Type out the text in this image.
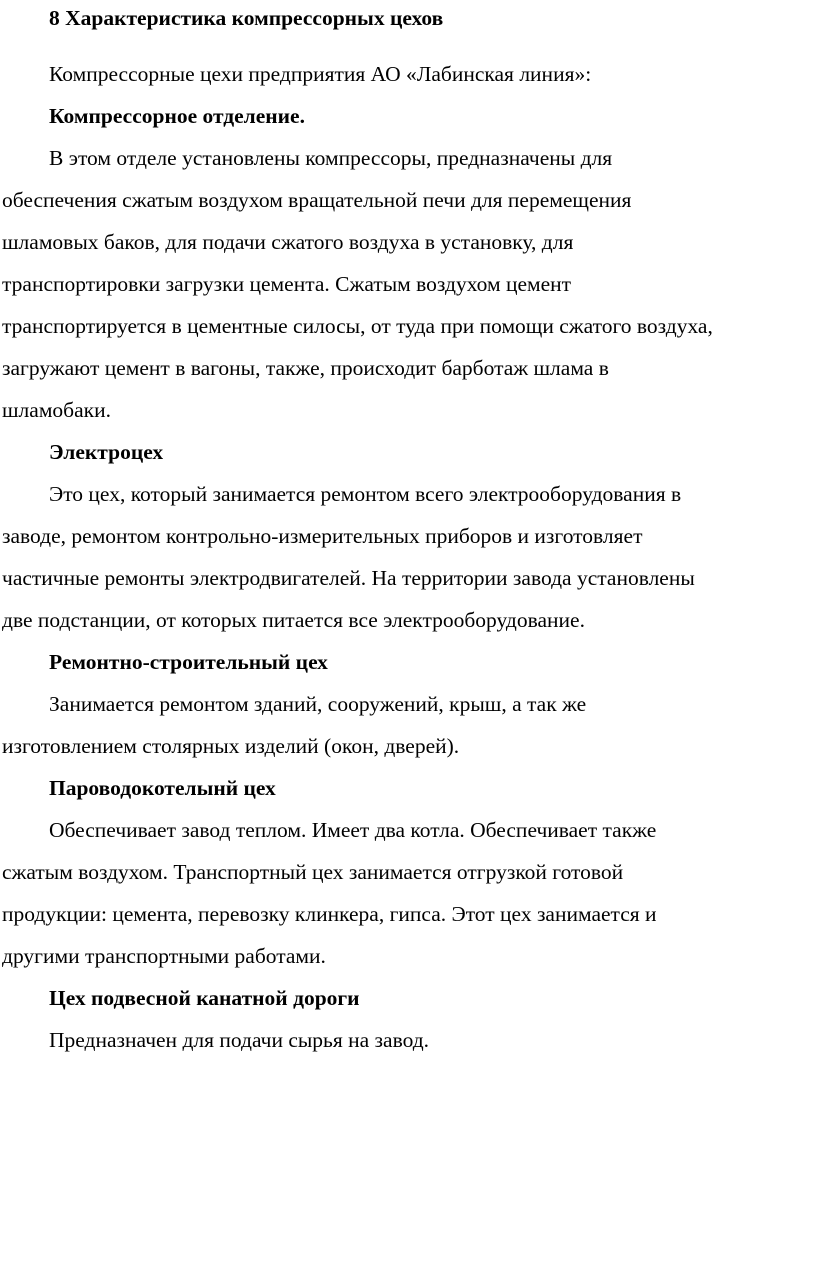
8 Характеристика компрессорных цехов

Компрессорные цехи предприятия АО «Лабинская линия»:

Компрессорное отделение.

В этом отделе установлены компрессоры, предназначены для
обеспечения сжатым воздухом вращательной печи для перемещения
шламовых баков, для подачи сжатого воздуха в установку, для
транспортировки загрузки цемента. Сжатым воздухом цемент
транспортируется в цементные силосы, от туда при помощи сжатого воздуха,
загружают цемент в вагоны, также, происходит барботаж шлама в
шламобаки.

Электроцех

Это цех, который занимается ремонтом всего электрооборудования в
заводе, ремонтом контрольно-измерительных приборов и изготовляет
частичные ремонты электродвигателей. На территории завода установлены
две подстанции, от которых питается все электрооборудование.

Ремонтно-строительный цех

Занимается ремонтом зданий, сооружений, крыш, а так же
изготовлением столярных изделий (окон, дверей).

Пароводокотелынй цех

Обеспечивает завод теплом. Имеет два котла. Обеспечивает также
сжатым воздухом. Транспортный цех занимается отгрузкой готовой
продукции: цемента, перевозку клинкера, гипса. Этот цех занимается и
другими транспортными работами.

Цех подвесной канатной дороги

Предназначен для подачи сырья на завод.
